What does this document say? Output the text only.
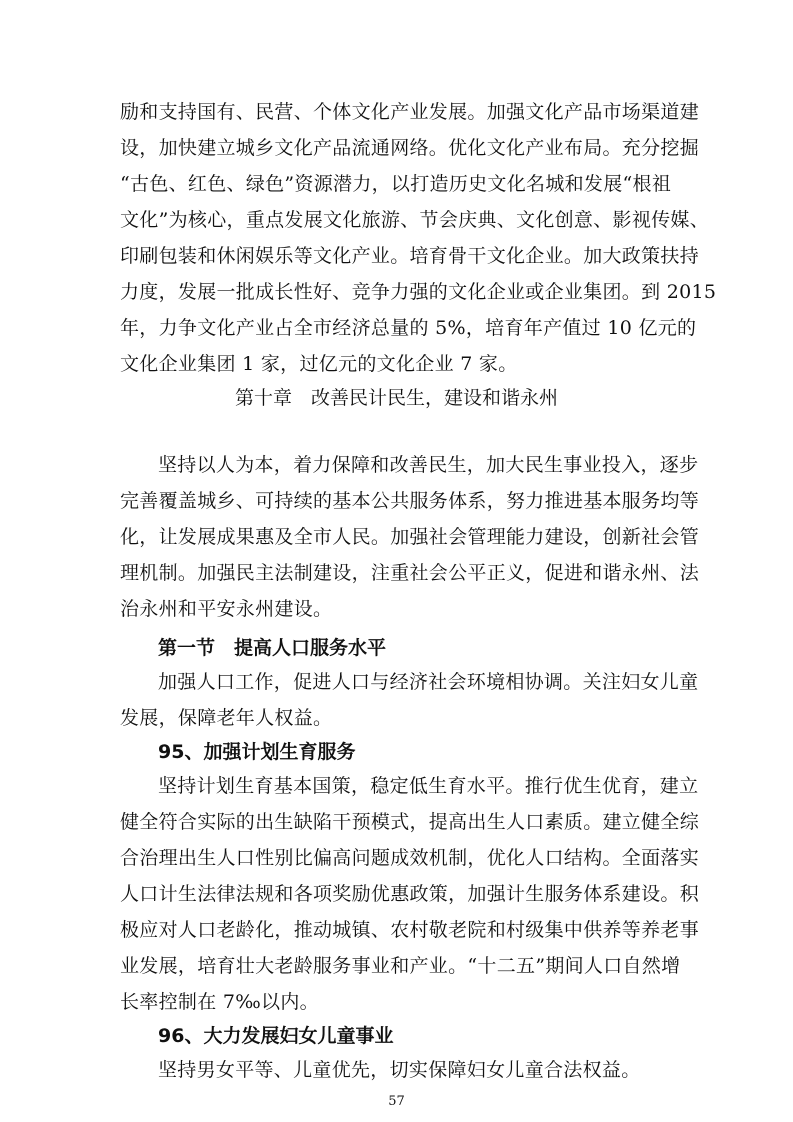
励和支持国有、民营、个体文化产业发展。加强文化产品市场渠道建
设，加快建立城乡文化产品流通网络。优化文化产业布局。充分挖掘
“古色、红色、绿色”资源潜力，以打造历史文化名城和发展“根祖
文化”为核心，重点发展文化旅游、节会庆典、文化创意、影视传媒、
印刷包装和休闲娱乐等文化产业。培育骨干文化企业。加大政策扶持
力度，发展一批成长性好、竞争力强的文化企业或企业集团。到 2015
年，力争文化产业占全市经济总量的 5%，培育年产值过 10 亿元的
文化企业集团 1 家，过亿元的文化企业 7 家。
第十章　改善民计民生，建设和谐永州
坚持以人为本，着力保障和改善民生，加大民生事业投入，逐步
完善覆盖城乡、可持续的基本公共服务体系，努力推进基本服务均等
化，让发展成果惠及全市人民。加强社会管理能力建设，创新社会管
理机制。加强民主法制建设，注重社会公平正义，促进和谐永州、法
治永州和平安永州建设。
第一节　提高人口服务水平
加强人口工作，促进人口与经济社会环境相协调。关注妇女儿童
发展，保障老年人权益。
95、加强计划生育服务
坚持计划生育基本国策，稳定低生育水平。推行优生优育，建立
健全符合实际的出生缺陷干预模式，提高出生人口素质。建立健全综
合治理出生人口性别比偏高问题成效机制，优化人口结构。全面落实
人口计生法律法规和各项奖励优惠政策，加强计生服务体系建设。积
极应对人口老龄化，推动城镇、农村敬老院和村级集中供养等养老事
业发展，培育壮大老龄服务事业和产业。“十二五”期间人口自然增
长率控制在 7‰以内。
96、大力发展妇女儿童事业
坚持男女平等、儿童优先，切实保障妇女儿童合法权益。
57
